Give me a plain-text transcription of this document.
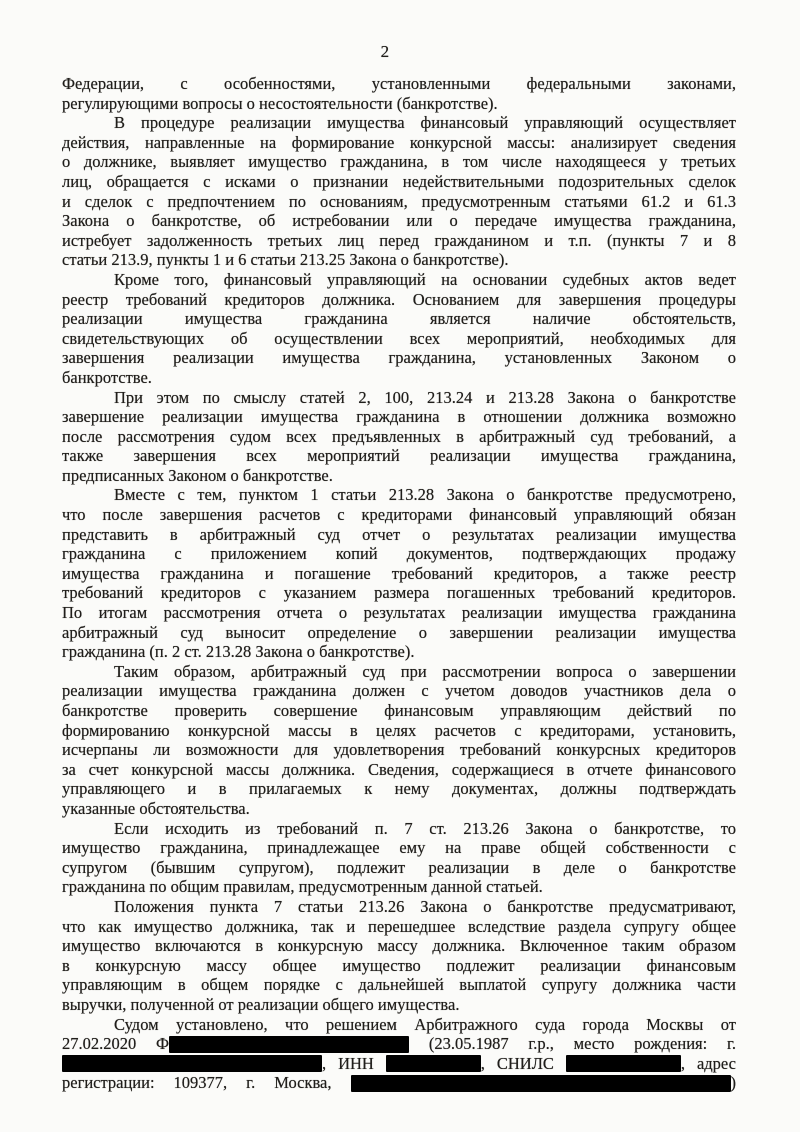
2
Федерации, с особенностями, установленными федеральными законами,
регулирующими вопросы о несостоятельности (банкротстве).
В процедуре реализации имущества финансовый управляющий осуществляет
действия, направленные на формирование конкурсной массы: анализирует сведения
о должнике, выявляет имущество гражданина, в том числе находящееся у третьих
лиц, обращается с исками о признании недействительными подозрительных сделок
и сделок с предпочтением по основаниям, предусмотренным статьями 61.2 и 61.3
Закона о банкротстве, об истребовании или о передаче имущества гражданина,
истребует задолженность третьих лиц перед гражданином и т.п. (пункты 7 и 8
статьи 213.9, пункты 1 и 6 статьи 213.25 Закона о банкротстве).
Кроме того, финансовый управляющий на основании судебных актов ведет
реестр требований кредиторов должника. Основанием для завершения процедуры
реализации имущества гражданина является наличие обстоятельств,
свидетельствующих об осуществлении всех мероприятий, необходимых для
завершения реализации имущества гражданина, установленных Законом о
банкротстве.
При этом по смыслу статей 2, 100, 213.24 и 213.28 Закона о банкротстве
завершение реализации имущества гражданина в отношении должника возможно
после рассмотрения судом всех предъявленных в арбитражный суд требований, а
также завершения всех мероприятий реализации имущества гражданина,
предписанных Законом о банкротстве.
Вместе с тем, пунктом 1 статьи 213.28 Закона о банкротстве предусмотрено,
что после завершения расчетов с кредиторами финансовый управляющий обязан
представить в арбитражный суд отчет о результатах реализации имущества
гражданина с приложением копий документов, подтверждающих продажу
имущества гражданина и погашение требований кредиторов, а также реестр
требований кредиторов с указанием размера погашенных требований кредиторов.
По итогам рассмотрения отчета о результатах реализации имущества гражданина
арбитражный суд выносит определение о завершении реализации имущества
гражданина (п. 2 ст. 213.28 Закона о банкротстве).
Таким образом, арбитражный суд при рассмотрении вопроса о завершении
реализации имущества гражданина должен с учетом доводов участников дела о
банкротстве проверить совершение финансовым управляющим действий по
формированию конкурсной массы в целях расчетов с кредиторами, установить,
исчерпаны ли возможности для удовлетворения требований конкурсных кредиторов
за счет конкурсной массы должника. Сведения, содержащиеся в отчете финансового
управляющего и в прилагаемых к нему документах, должны подтверждать
указанные обстоятельства.
Если исходить из требований п. 7 ст. 213.26 Закона о банкротстве, то
имущество гражданина, принадлежащее ему на праве общей собственности с
супругом (бывшим супругом), подлежит реализации в деле о банкротстве
гражданина по общим правилам, предусмотренным данной статьей.
Положения пункта 7 статьи 213.26 Закона о банкротстве предусматривают,
что как имущество должника, так и перешедшее вследствие раздела супругу общее
имущество включаются в конкурсную массу должника. Включенное таким образом
в конкурсную массу общее имущество подлежит реализации финансовым
управляющим в общем порядке с дальнейшей выплатой супругу должника части
выручки, полученной от реализации общего имущества.
Судом установлено, что решением Арбитражного суда города Москвы от
27.02.2020 Ф	(23.05.1987 г.р., место рождения: г.
, ИНН	, СНИЛС	, адрес
регистрации: 109377, г. Москва,	)
